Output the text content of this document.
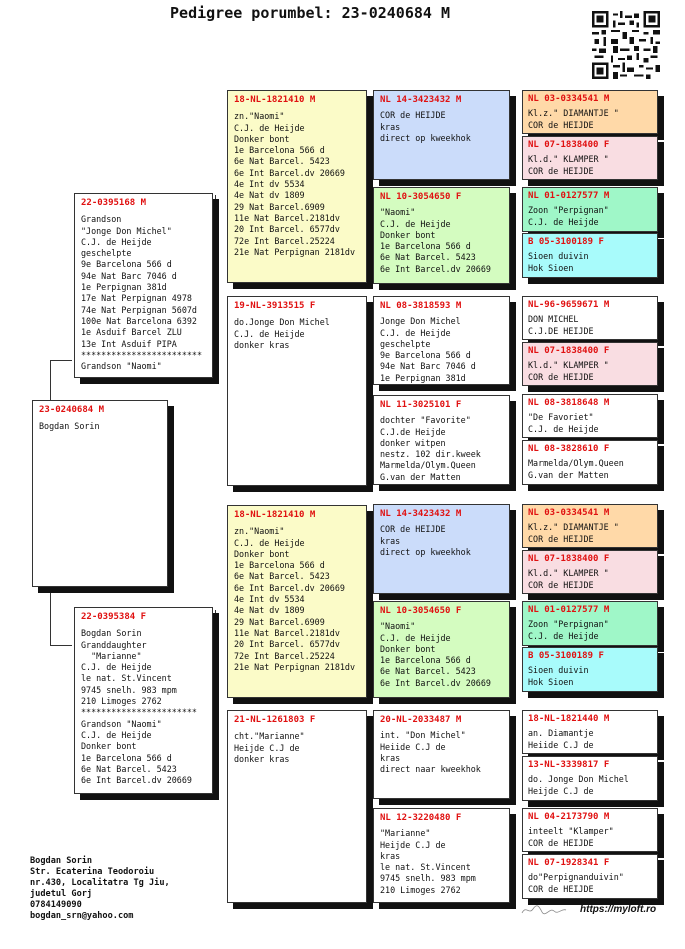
Pedigree porumbel: 23-0240684 M
23-0240684 M
Bogdan Sorin
22-0395168 M
Grandson
"Jonge Don Michel"
C.J. de Heijde
geschelpte
9e Barcelona 566 d
94e Nat Barc 7046 d
1e Perpignan 381d
17e Nat Perpignan 4978
74e Nat Perpignan 5607d
100e Nat Barcelona 6392
1e Asduif Barcel ZLU
13e Int Asduif PIPA
************************
Grandson "Naomi"
22-0395384 F
Bogdan Sorin
Granddaughter
"Marianne"
C.J. de Heijde
le nat. St.Vincent
9745 snelh. 983 mpm
210 Limoges 2762
***********************
Grandson "Naomi"
C.J. de Heijde
Donker bont
1e Barcelona 566 d
6e Nat Barcel. 5423
6e Int Barcel.dv 20669
18-NL-1821410 M
zn."Naomi"
C.J. de Heijde
Donker bont
1e Barcelona 566 d
6e Nat Barcel. 5423
6e Int Barcel.dv 20669
4e Int dv 5534
4e Nat dv 1809
29 Nat Barcel.6909
11e Nat Barcel.2181dv
20 Int Barcel. 6577dv
72e Int Barcel.25224
21e Nat Perpignan 2181dv
19-NL-3913515 F
do.Jonge Don Michel
C.J. de Heijde
donker kras
18-NL-1821410 M
zn."Naomi"
C.J. de Heijde
Donker bont
1e Barcelona 566 d
6e Nat Barcel. 5423
6e Int Barcel.dv 20669
4e Int dv 5534
4e Nat dv 1809
29 Nat Barcel.6909
11e Nat Barcel.2181dv
20 Int Barcel. 6577dv
72e Int Barcel.25224
21e Nat Perpignan 2181dv
21-NL-1261803 F
cht."Marianne"
Heijde C.J de
donker kras
NL 14-3423432 M
COR de HEIJDE
kras
direct op kweekhok
NL 10-3054650 F
"Naomi"
C.J. de Heijde
Donker bont
1e Barcelona 566 d
6e Nat Barcel. 5423
6e Int Barcel.dv 20669
NL 08-3818593 M
Jonge Don Michel
C.J. de Heijde
geschelpte
9e Barcelona 566 d
94e Nat Barc 7046 d
1e Perpignan 381d
NL 11-3025101 F
dochter "Favorite"
C.J.de Heijde
donker witpen
nestz. 102 dir.kweek
Marmelda/Olym.Queen
G.van der Matten
NL 14-3423432 M
COR de HEIJDE
kras
direct op kweekhok
NL 10-3054650 F
"Naomi"
C.J. de Heijde
Donker bont
1e Barcelona 566 d
6e Nat Barcel. 5423
6e Int Barcel.dv 20669
20-NL-2033487 M
int. "Don Michel"
Heiide C.J de
kras
direct naar kweekhok
NL 12-3220480 F
"Marianne"
Heijde C.J de
kras
le nat. St.Vincent
9745 snelh. 983 mpm
210 Limoges 2762
NL 03-0334541 M
Kl.z." DIAMANTJE "
COR de HEIJDE
NL 07-1838400 F
Kl.d." KLAMPER "
COR de HEIJDE
NL 01-0127577 M
Zoon "Perpignan"
C.J. de Heijde
B 05-3100189 F
Sioen duivin
Hok Sioen
NL-96-9659671 M
DON MICHEL
C.J.DE HEIJDE
NL 07-1838400 F
Kl.d." KLAMPER "
COR de HEIJDE
NL 08-3818648 M
"De Favoriet"
C.J. de Heijde
NL 08-3828610 F
Marmelda/Olym.Queen
G.van der Matten
NL 03-0334541 M
Kl.z." DIAMANTJE "
COR de HEIJDE
NL 07-1838400 F
Kl.d." KLAMPER "
COR de HEIJDE
NL 01-0127577 M
Zoon "Perpignan"
C.J. de Heijde
B 05-3100189 F
Sioen duivin
Hok Sioen
18-NL-1821440 M
an. Diamantje
Heiide C.J de
13-NL-3339817 F
do. Jonge Don Michel
Heijde C.J de
NL 04-2173790 M
inteelt "Klamper"
COR de HEIJDE
NL 07-1928341 F
do"Perpignanduivin"
COR de HEIJDE
Bogdan Sorin
Str. Ecaterina Teodoroiu
nr.430, Localitatra Tg Jiu,
judetul Gorj
0784149090
bogdan_srn@yahoo.com
https://myloft.ro
